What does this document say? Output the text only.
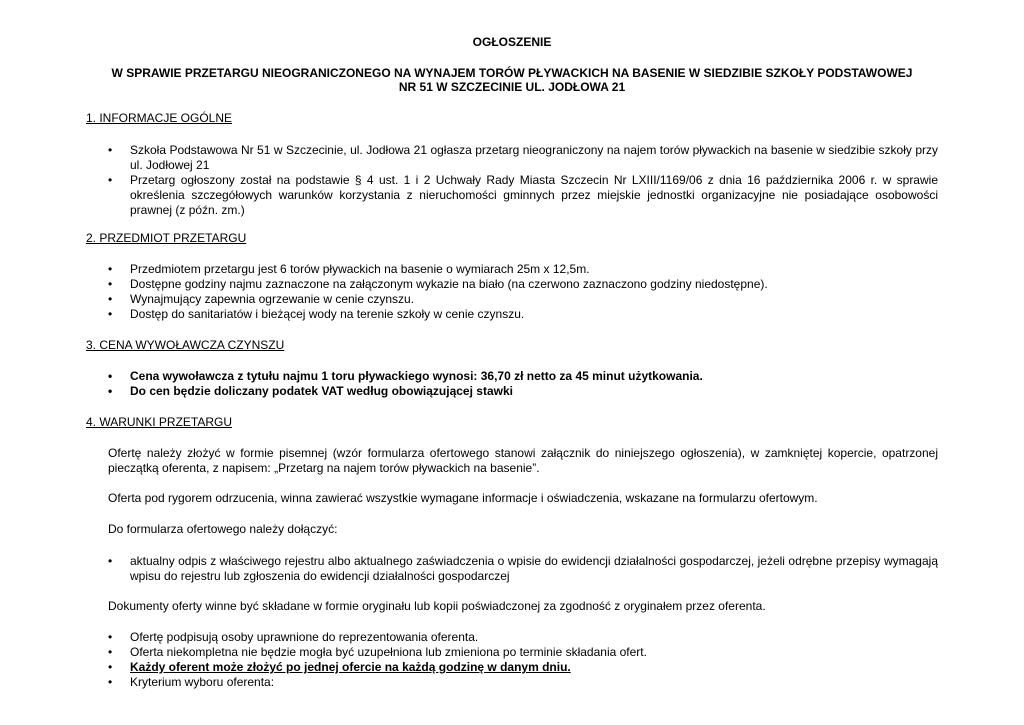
OGŁOSZENIE
W SPRAWIE PRZETARGU NIEOGRANICZONEGO NA WYNAJEM TORÓW PŁYWACKICH NA BASENIE W SIEDZIBIE SZKOŁY PODSTAWOWEJ
NR 51 W SZCZECINIE UL. JODŁOWA 21
1. INFORMACJE OGÓLNE
• Szkoła Podstawowa Nr 51 w Szczecinie, ul. Jodłowa 21 ogłasza przetarg nieograniczony na najem torów pływackich na basenie w siedzibie szkoły przy ul. Jodłowej 21
• Przetarg ogłoszony został na podstawie § 4 ust. 1 i 2 Uchwały Rady Miasta Szczecin Nr LXIII/1169/06 z dnia 16 października 2006 r. w sprawie określenia szczegółowych warunków korzystania z nieruchomości gminnych przez miejskie jednostki organizacyjne nie posiadające osobowości prawnej (z późn. zm.)
2. PRZEDMIOT PRZETARGU
• Przedmiotem przetargu jest 6 torów pływackich na basenie o wymiarach 25m x 12,5m.
• Dostępne godziny najmu zaznaczone na załączonym wykazie na biało (na czerwono zaznaczono godziny niedostępne).
• Wynajmujący zapewnia ogrzewanie w cenie czynszu.
• Dostęp do sanitariatów i bieżącej wody na terenie szkoły w cenie czynszu.
3. CENA WYWOŁAWCZA CZYNSZU
• Cena wywoławcza z tytułu najmu 1 toru pływackiego wynosi: 36,70 zł netto za 45 minut użytkowania.
• Do cen będzie doliczany podatek VAT według obowiązującej stawki
4. WARUNKI PRZETARGU
Ofertę należy złożyć w formie pisemnej (wzór formularza ofertowego stanowi załącznik do niniejszego ogłoszenia), w zamkniętej kopercie, opatrzonej pieczątką oferenta, z napisem: „Przetarg na najem torów pływackich na basenie”.
Oferta pod rygorem odrzucenia, winna zawierać wszystkie wymagane informacje i oświadczenia, wskazane na formularzu ofertowym.
Do formularza ofertowego należy dołączyć:
• aktualny odpis z właściwego rejestru albo aktualnego zaświadczenia o wpisie do ewidencji działalności gospodarczej, jeżeli odrębne przepisy wymagają wpisu do rejestru lub zgłoszenia do ewidencji działalności gospodarczej
Dokumenty oferty winne być składane w formie oryginału lub kopii poświadczonej za zgodność z oryginałem przez oferenta.
• Ofertę podpisują osoby uprawnione do reprezentowania oferenta.
• Oferta niekompletna nie będzie mogła być uzupełniona lub zmieniona po terminie składania ofert.
• Każdy oferent może złożyć po jednej ofercie na każdą godzinę w danym dniu.
• Kryterium wyboru oferenta:
